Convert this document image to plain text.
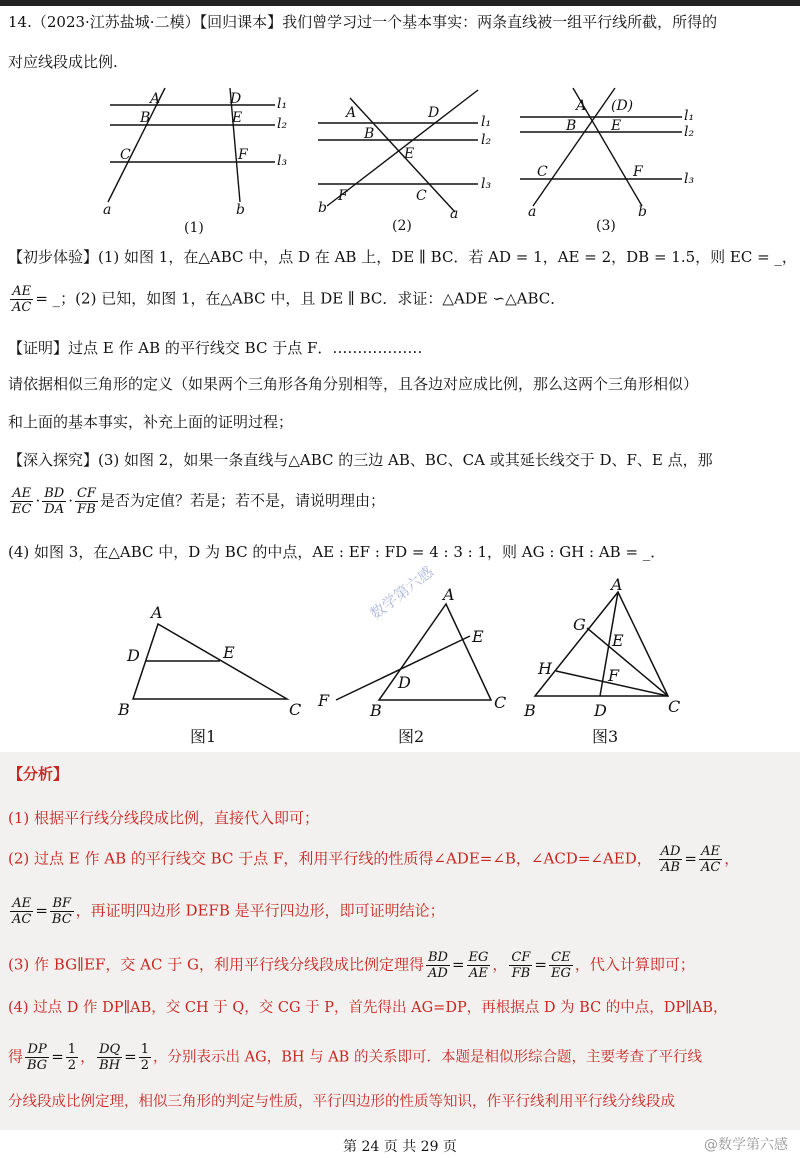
14.（2023·江苏盐城·二模）【回归课本】我们曾学习过一个基本事实：两条直线被一组平行线所截，所得的
对应线段成比例.
A
B
C
D
E
F
l₁
l₂
l₃
a	b
(1)
A
B
C
D
E
F
l₁
l₂
l₃
a
b
(2)
A (D)
B E
C	F
l₁
l₂
l₃
a	b
(3)
【初步体验】(1) 如图 1，在△ABC 中，点 D 在 AB 上，DE ∥ BC．若 AD = 1，AE = 2，DB = 1.5，则 EC = _，
$\frac{AE}{AC}$ = _；(2) 已知，如图 1，在△ABC 中，且 DE ∥ BC．求证：△ADE ∽△ABC．
【证明】过点 E 作 AB 的平行线交 BC 于点 F．………………
请依据相似三角形的定义（如果两个三角形各角分别相等，且各边对应成比例，那么这两个三角形相似）
和上面的基本事实，补充上面的证明过程；
【深入探究】(3) 如图 2，如果一条直线与△ABC 的三边 AB、BC、CA 或其延长线交于 D、F、E 点，那
$\frac{AE}{EC} \cdot \frac{BD}{DA} \cdot \frac{CF}{FB}$ 是否为定值？若是；若不是，请说明理由；
(4) 如图 3，在△ABC 中，D 为 BC 的中点，AE : EF : FD = 4 : 3 : 1，则 AG : GH : AB = _．
数学第六感
A
D	E
B	C
图1
A
E
D
F
B	C
图2
A
G
E
H	F
B	D	C
图3
【分析】
(1) 根据平行线分线段成比例，直接代入即可；
(2) 过点 E 作 AB 的平行线交 BC 于点 F，利用平行线的性质得∠ADE=∠B，∠ACD=∠AED， $\frac{AD}{AB} = \frac{AE}{AC}$ ，
$\frac{AE}{AC} = \frac{BF}{BC}$ ，再证明四边形 DEFB 是平行四边形，即可证明结论；
(3) 作 BG∥EF，交 AC 于 G，利用平行线分线段成比例定理得 $\frac{BD}{AD} = \frac{EG}{AE}$ ， $\frac{CF}{FB} = \frac{CE}{EG}$ ，代入计算即可；
(4) 过点 D 作 DP∥AB，交 CH 于 Q，交 CG 于 P，首先得出 AG=DP，再根据点 D 为 BC 的中点，DP∥AB，
得 $\frac{DP}{BG} = \frac{1}{2}$ ， $\frac{DQ}{BH} = \frac{1}{2}$ ，分别表示出 AG，BH 与 AB 的关系即可．本题是相似形综合题，主要考查了平行线
分线段成比例定理，相似三角形的判定与性质，平行四边形的性质等知识，作平行线利用平行线分线段成
第 24 页 共 29 页	@数学第六感
